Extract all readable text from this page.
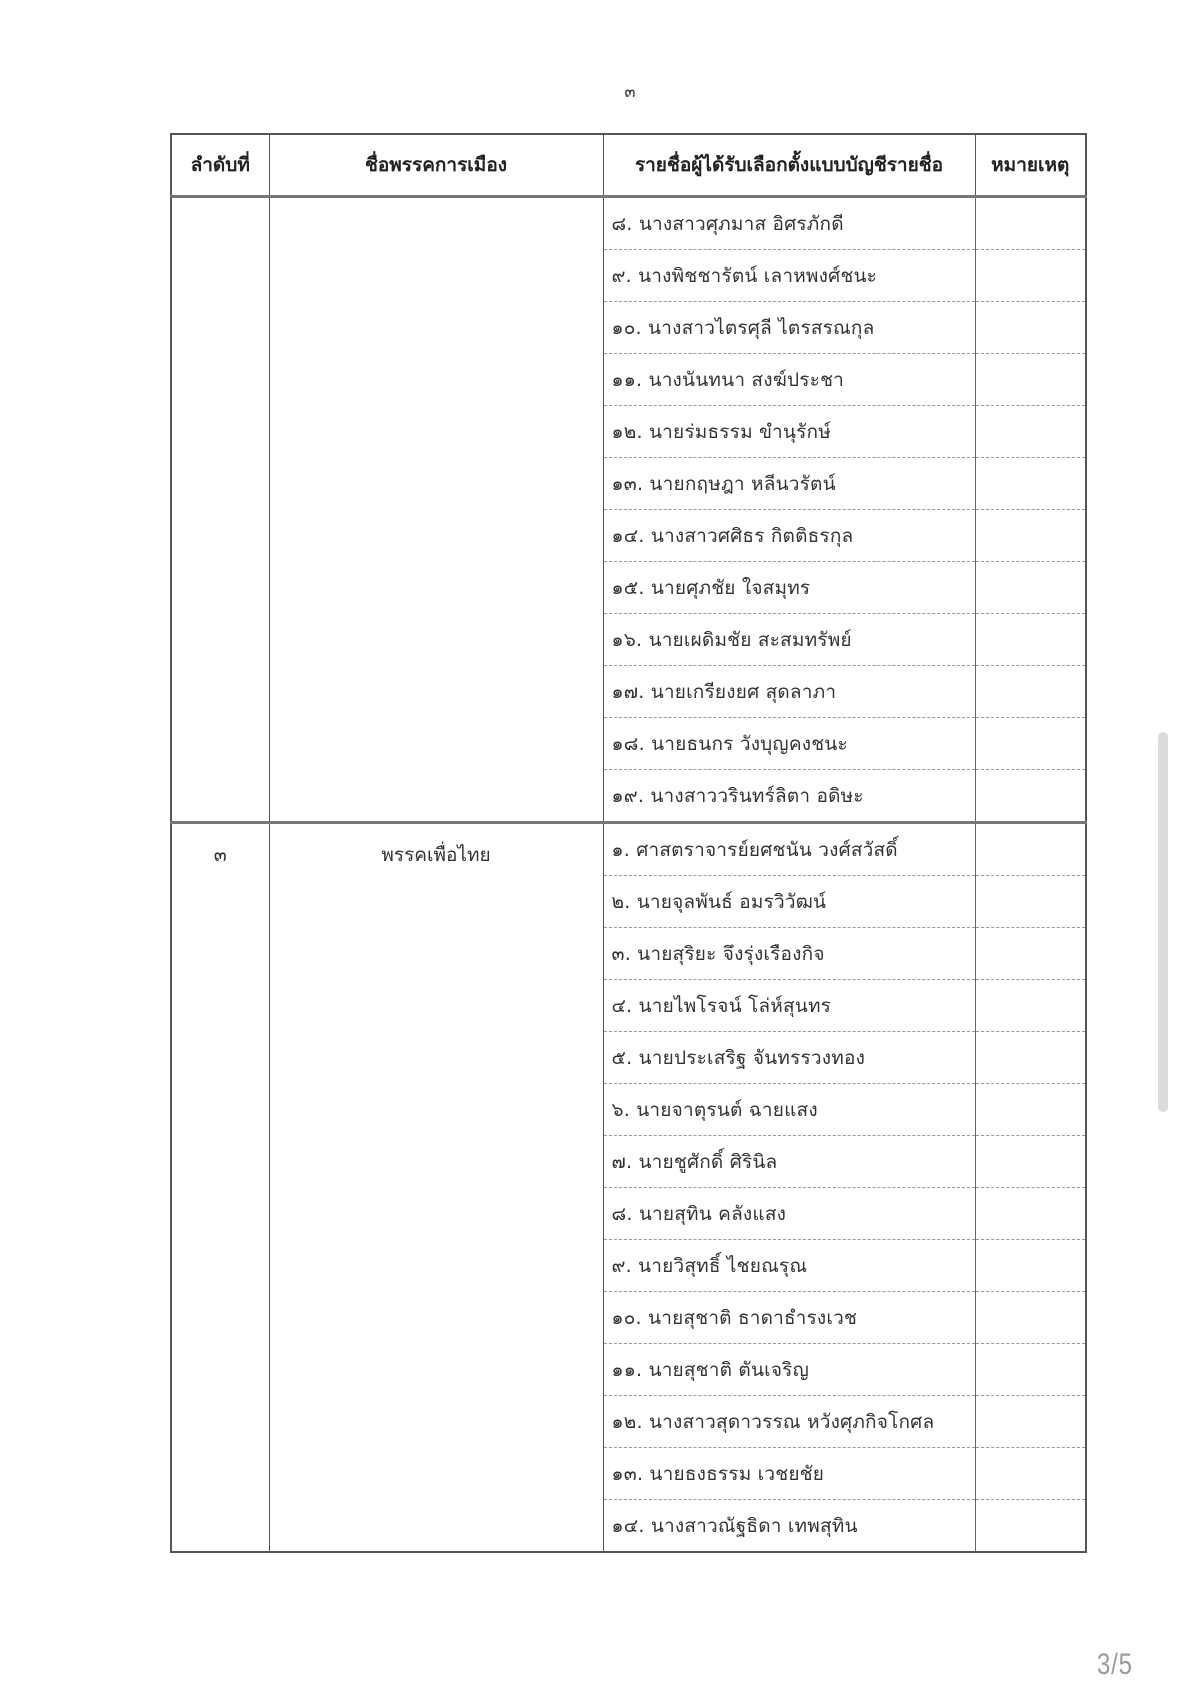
๓
ลำดับที่	ชื่อพรรคการเมือง	รายชื่อผู้ได้รับเลือกตั้งแบบบัญชีรายชื่อ	หมายเหตุ
		๘. นางสาวศุภมาส อิศรภักดี	
		๙. นางพิชชารัตน์ เลาหพงศ์ชนะ	
		๑๐. นางสาวไตรศุลี ไตรสรณกุล	
		๑๑. นางนันทนา สงฆ์ประชา	
		๑๒. นายร่มธรรม ขำนุรักษ์	
		๑๓. นายกฤษฎา หลีนวรัตน์	
		๑๔. นางสาวศศิธร กิตติธรกุล	
		๑๕. นายศุภชัย ใจสมุทร	
		๑๖. นายเผดิมชัย สะสมทรัพย์	
		๑๗. นายเกรียงยศ สุดลาภา	
		๑๘. นายธนกร วังบุญคงชนะ	
		๑๙. นางสาววรินทร์ลิตา อดิษะ	
๓	พรรคเพื่อไทย	๑. ศาสตราจารย์ยศชนัน วงศ์สวัสดิ์	
		๒. นายจุลพันธ์ อมรวิวัฒน์	
		๓. นายสุริยะ จึงรุ่งเรืองกิจ	
		๔. นายไพโรจน์ โล่ห์สุนทร	
		๕. นายประเสริฐ จันทรรวงทอง	
		๖. นายจาตุรนต์ ฉายแสง	
		๗. นายชูศักดิ์ ศิรินิล	
		๘. นายสุทิน คลังแสง	
		๙. นายวิสุทธิ์ ไชยณรุณ	
		๑๐. นายสุชาติ ธาดาธำรงเวช	
		๑๑. นายสุชาติ ตันเจริญ	
		๑๒. นางสาวสุดาวรรณ หวังศุภกิจโกศล	
		๑๓. นายธงธรรม เวชยชัย	
		๑๔. นางสาวณัฐธิดา เทพสุทิน	
3/5
